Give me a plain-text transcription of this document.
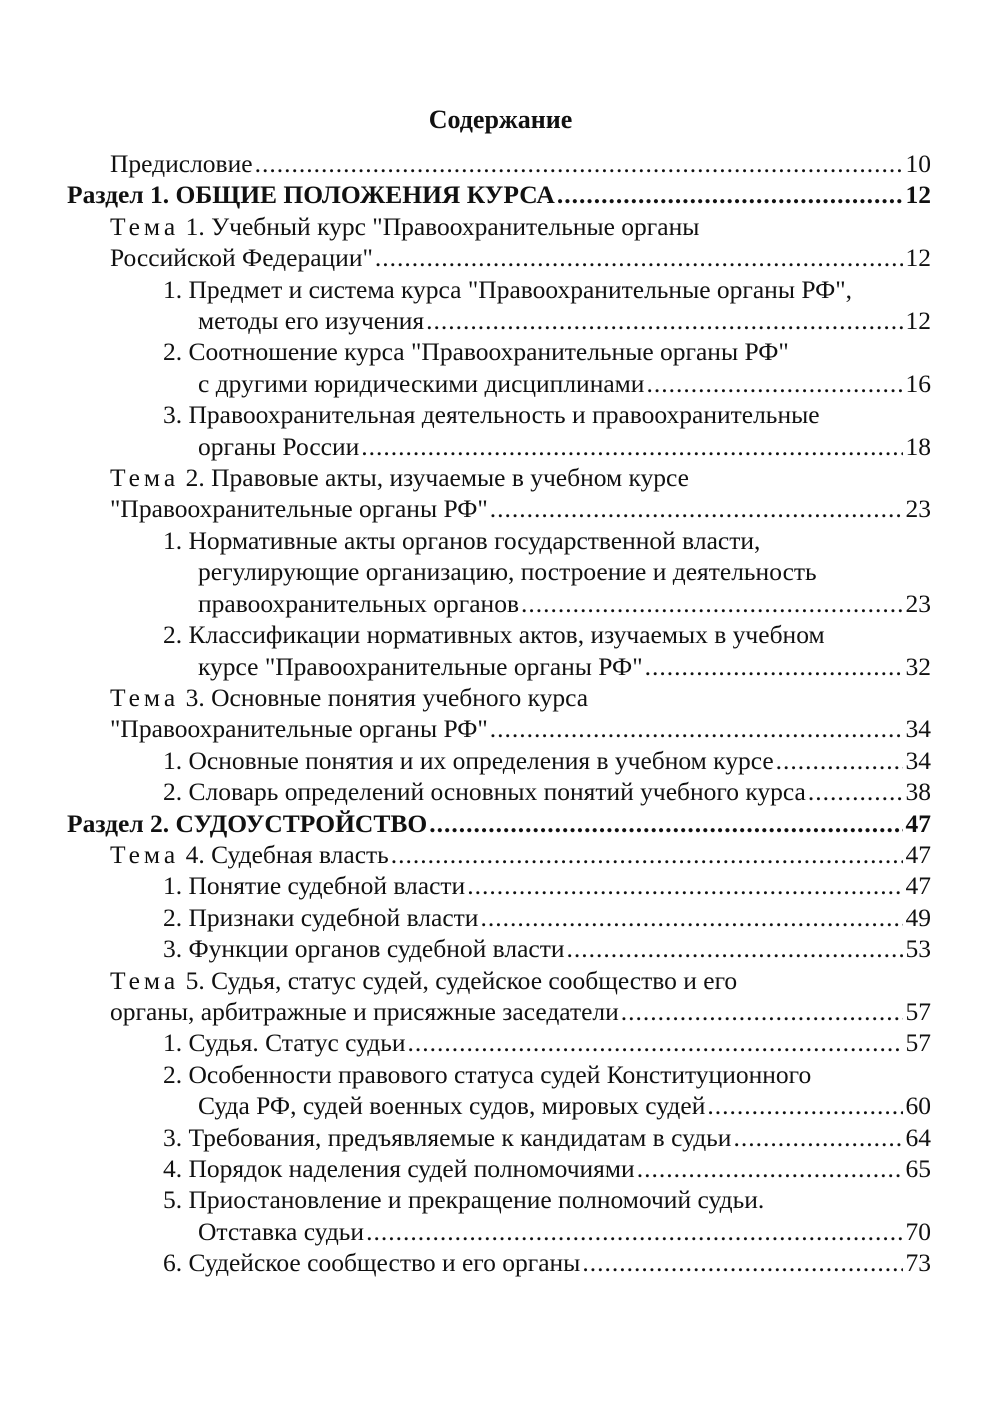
Содержание
Предисловие .....	10
Раздел 1. ОБЩИЕ ПОЛОЖЕНИЯ КУРСА .....	12
Тема 1. Учебный курс "Правоохранительные органы
Российской Федерации" .....	12
1. Предмет и система курса "Правоохранительные органы РФ",
методы его изучения .....	12
2. Соотношение курса "Правоохранительные органы РФ"
с другими юридическими дисциплинами .....	16
3. Правоохранительная деятельность и правоохранительные
органы России .....	18
Тема 2. Правовые акты, изучаемые в учебном курсе
"Правоохранительные органы РФ" .....	23
1. Нормативные акты органов государственной власти,
регулирующие организацию, построение и деятельность
правоохранительных органов .....	23
2. Классификации нормативных актов, изучаемых в учебном
курсе "Правоохранительные органы РФ" .....	32
Тема 3. Основные понятия учебного курса
"Правоохранительные органы РФ" .....	34
1. Основные понятия и их определения в учебном курсе .....	34
2. Словарь определений основных понятий учебного курса .....	38
Раздел 2. СУДОУСТРОЙСТВО .....	47
Тема 4. Судебная власть .....	47
1. Понятие судебной власти .....	47
2. Признаки судебной власти .....	49
3. Функции органов судебной власти .....	53
Тема 5. Судья, статус судей, судейское сообщество и его
органы, арбитражные и присяжные заседатели .....	57
1. Судья. Статус судьи .....	57
2. Особенности правового статуса судей Конституционного
Суда РФ, судей военных судов, мировых судей .....	60
3. Требования, предъявляемые к кандидатам в судьи .....	64
4. Порядок наделения судей полномочиями .....	65
5. Приостановление и прекращение полномочий судьи.
Отставка судьи .....	70
6. Судейское сообщество и его органы .....	73
